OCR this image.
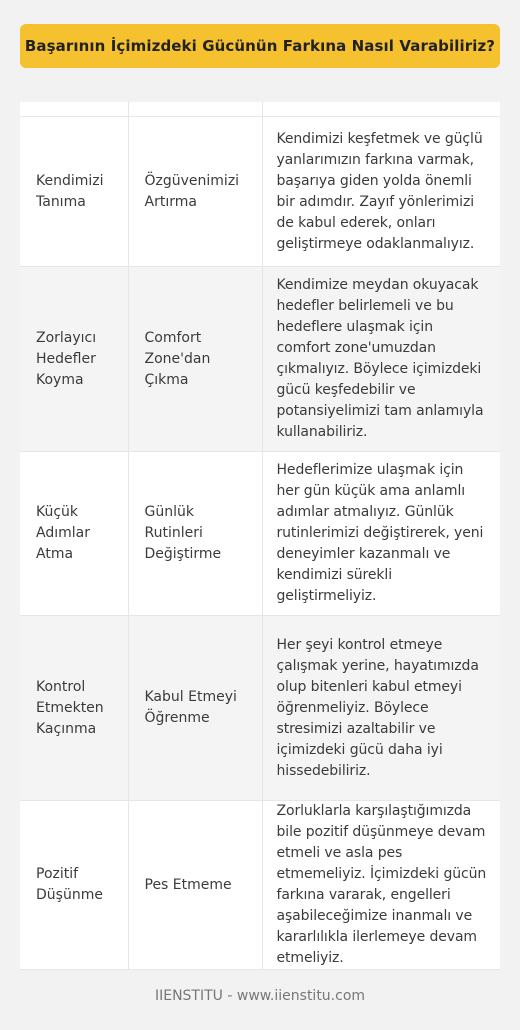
Başarının İçimizdeki Gücünün Farkına Nasıl Varabiliriz?

Kendimizi Tanıma	Özgüvenimizi Artırma	Kendimizi keşfetmek ve güçlü yanlarımızın farkına varmak, başarıya giden yolda önemli bir adımdır. Zayıf yönlerimizi de kabul ederek, onları geliştirmeye odaklanmalıyız.
Zorlayıcı Hedefler Koyma	Comfort Zone'dan Çıkma	Kendimize meydan okuyacak hedefler belirlemeli ve bu hedeflere ulaşmak için comfort zone'umuzdan çıkmalıyız. Böylece içimizdeki gücü keşfedebilir ve potansiyelimizi tam anlamıyla kullanabiliriz.
Küçük Adımlar Atma	Günlük Rutinleri Değiştirme	Hedeflerimize ulaşmak için her gün küçük ama anlamlı adımlar atmalıyız. Günlük rutinlerimizi değiştirerek, yeni deneyimler kazanmalı ve kendimizi sürekli geliştirmeliyiz.
Kontrol Etmekten Kaçınma	Kabul Etmeyi Öğrenme	Her şeyi kontrol etmeye çalışmak yerine, hayatımızda olup bitenleri kabul etmeyi öğrenmeliyiz. Böylece stresimizi azaltabilir ve içimizdeki gücü daha iyi hissedebiliriz.
Pozitif Düşünme	Pes Etmeme	Zorluklarla karşılaştığımızda bile pozitif düşünmeye devam etmeli ve asla pes etmemeliyiz. İçimizdeki gücün farkına vararak, engelleri aşabileceğimize inanmalı ve kararlılıkla ilerlemeye devam etmeliyiz.
IIENSTITU - www.iienstitu.com
